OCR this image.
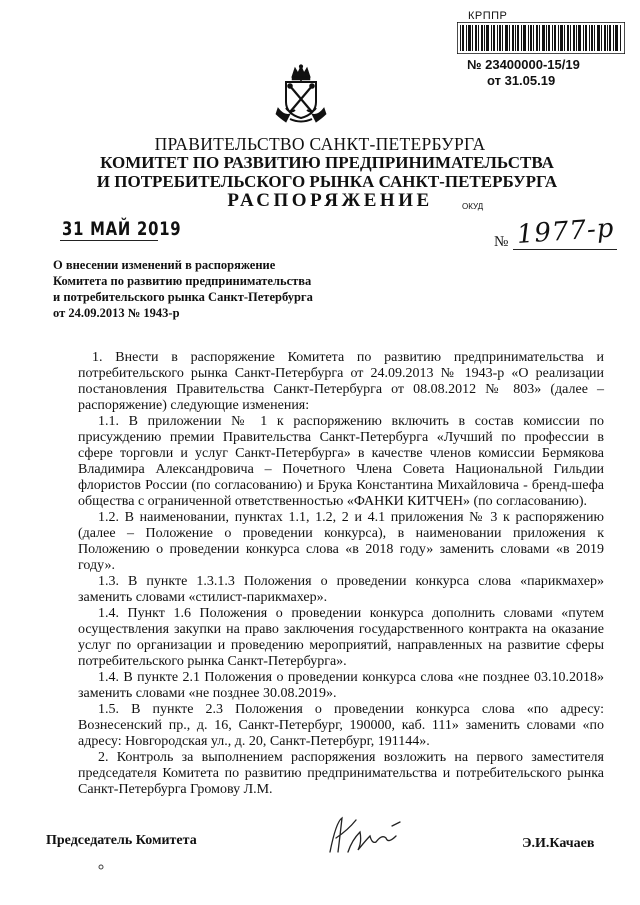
КРППР
№ 23400000-15/19
от 31.05.19
ПРАВИТЕЛЬСТВО САНКТ-ПЕТЕРБУРГА
КОМИТЕТ ПО РАЗВИТИЮ ПРЕДПРИНИМАТЕЛЬСТВА
И ПОТРЕБИТЕЛЬСКОГО РЫНКА САНКТ-ПЕТЕРБУРГА
РАСПОРЯЖЕНИЕ	ОКУД
31 МАЙ 2019
№ 1977-р
О внесении изменений в распоряжение
Комитета по развитию предпринимательства
и потребительского рынка Санкт-Петербурга
от 24.09.2013 № 1943-р

1. Внести в распоряжение Комитета по развитию предпринимательства и потребительского рынка Санкт-Петербурга от 24.09.2013 № 1943-р «О реализации постановления Правительства Санкт-Петербурга от 08.08.2012 № 803» (далее – распоряжение) следующие изменения:

1.1. В приложении № 1 к распоряжению включить в состав комиссии по присуждению премии Правительства Санкт-Петербурга «Лучший по профессии в сфере торговли и услуг Санкт-Петербурга» в качестве членов комиссии Бермякова Владимира Александровича – Почетного Члена Совета Национальной Гильдии флористов России (по согласованию) и Брука Константина Михайловича - бренд-шефа общества с ограниченной ответственностью «ФАНКИ КИТЧЕН» (по согласованию).

1.2. В наименовании, пунктах 1.1, 1.2, 2 и 4.1 приложения № 3 к распоряжению (далее – Положение о проведении конкурса), в наименовании приложения к Положению о проведении конкурса слова «в 2018 году» заменить словами «в 2019 году».

1.3. В пункте 1.3.1.3 Положения о проведении конкурса слова «парикмахер» заменить словами «стилист-парикмахер».

1.4. Пункт 1.6 Положения о проведении конкурса дополнить словами «путем осуществления закупки на право заключения государственного контракта на оказание услуг по организации и проведению мероприятий, направленных на развитие сферы потребительского рынка Санкт-Петербурга».

1.4. В пункте 2.1 Положения о проведении конкурса слова «не позднее 03.10.2018» заменить словами «не позднее 30.08.2019».

1.5. В пункте 2.3 Положения о проведении конкурса слова «по адресу: Вознесенский пр., д. 16, Санкт-Петербург, 190000, каб. 111» заменить словами «по адресу: Новгородская ул., д. 20, Санкт-Петербург, 191144».

2. Контроль за выполнением распоряжения возложить на первого заместителя председателя Комитета по развитию предпринимательства и потребительского рынка Санкт-Петербурга Громову Л.М.

Председатель Комитета	Э.И.Качаев
